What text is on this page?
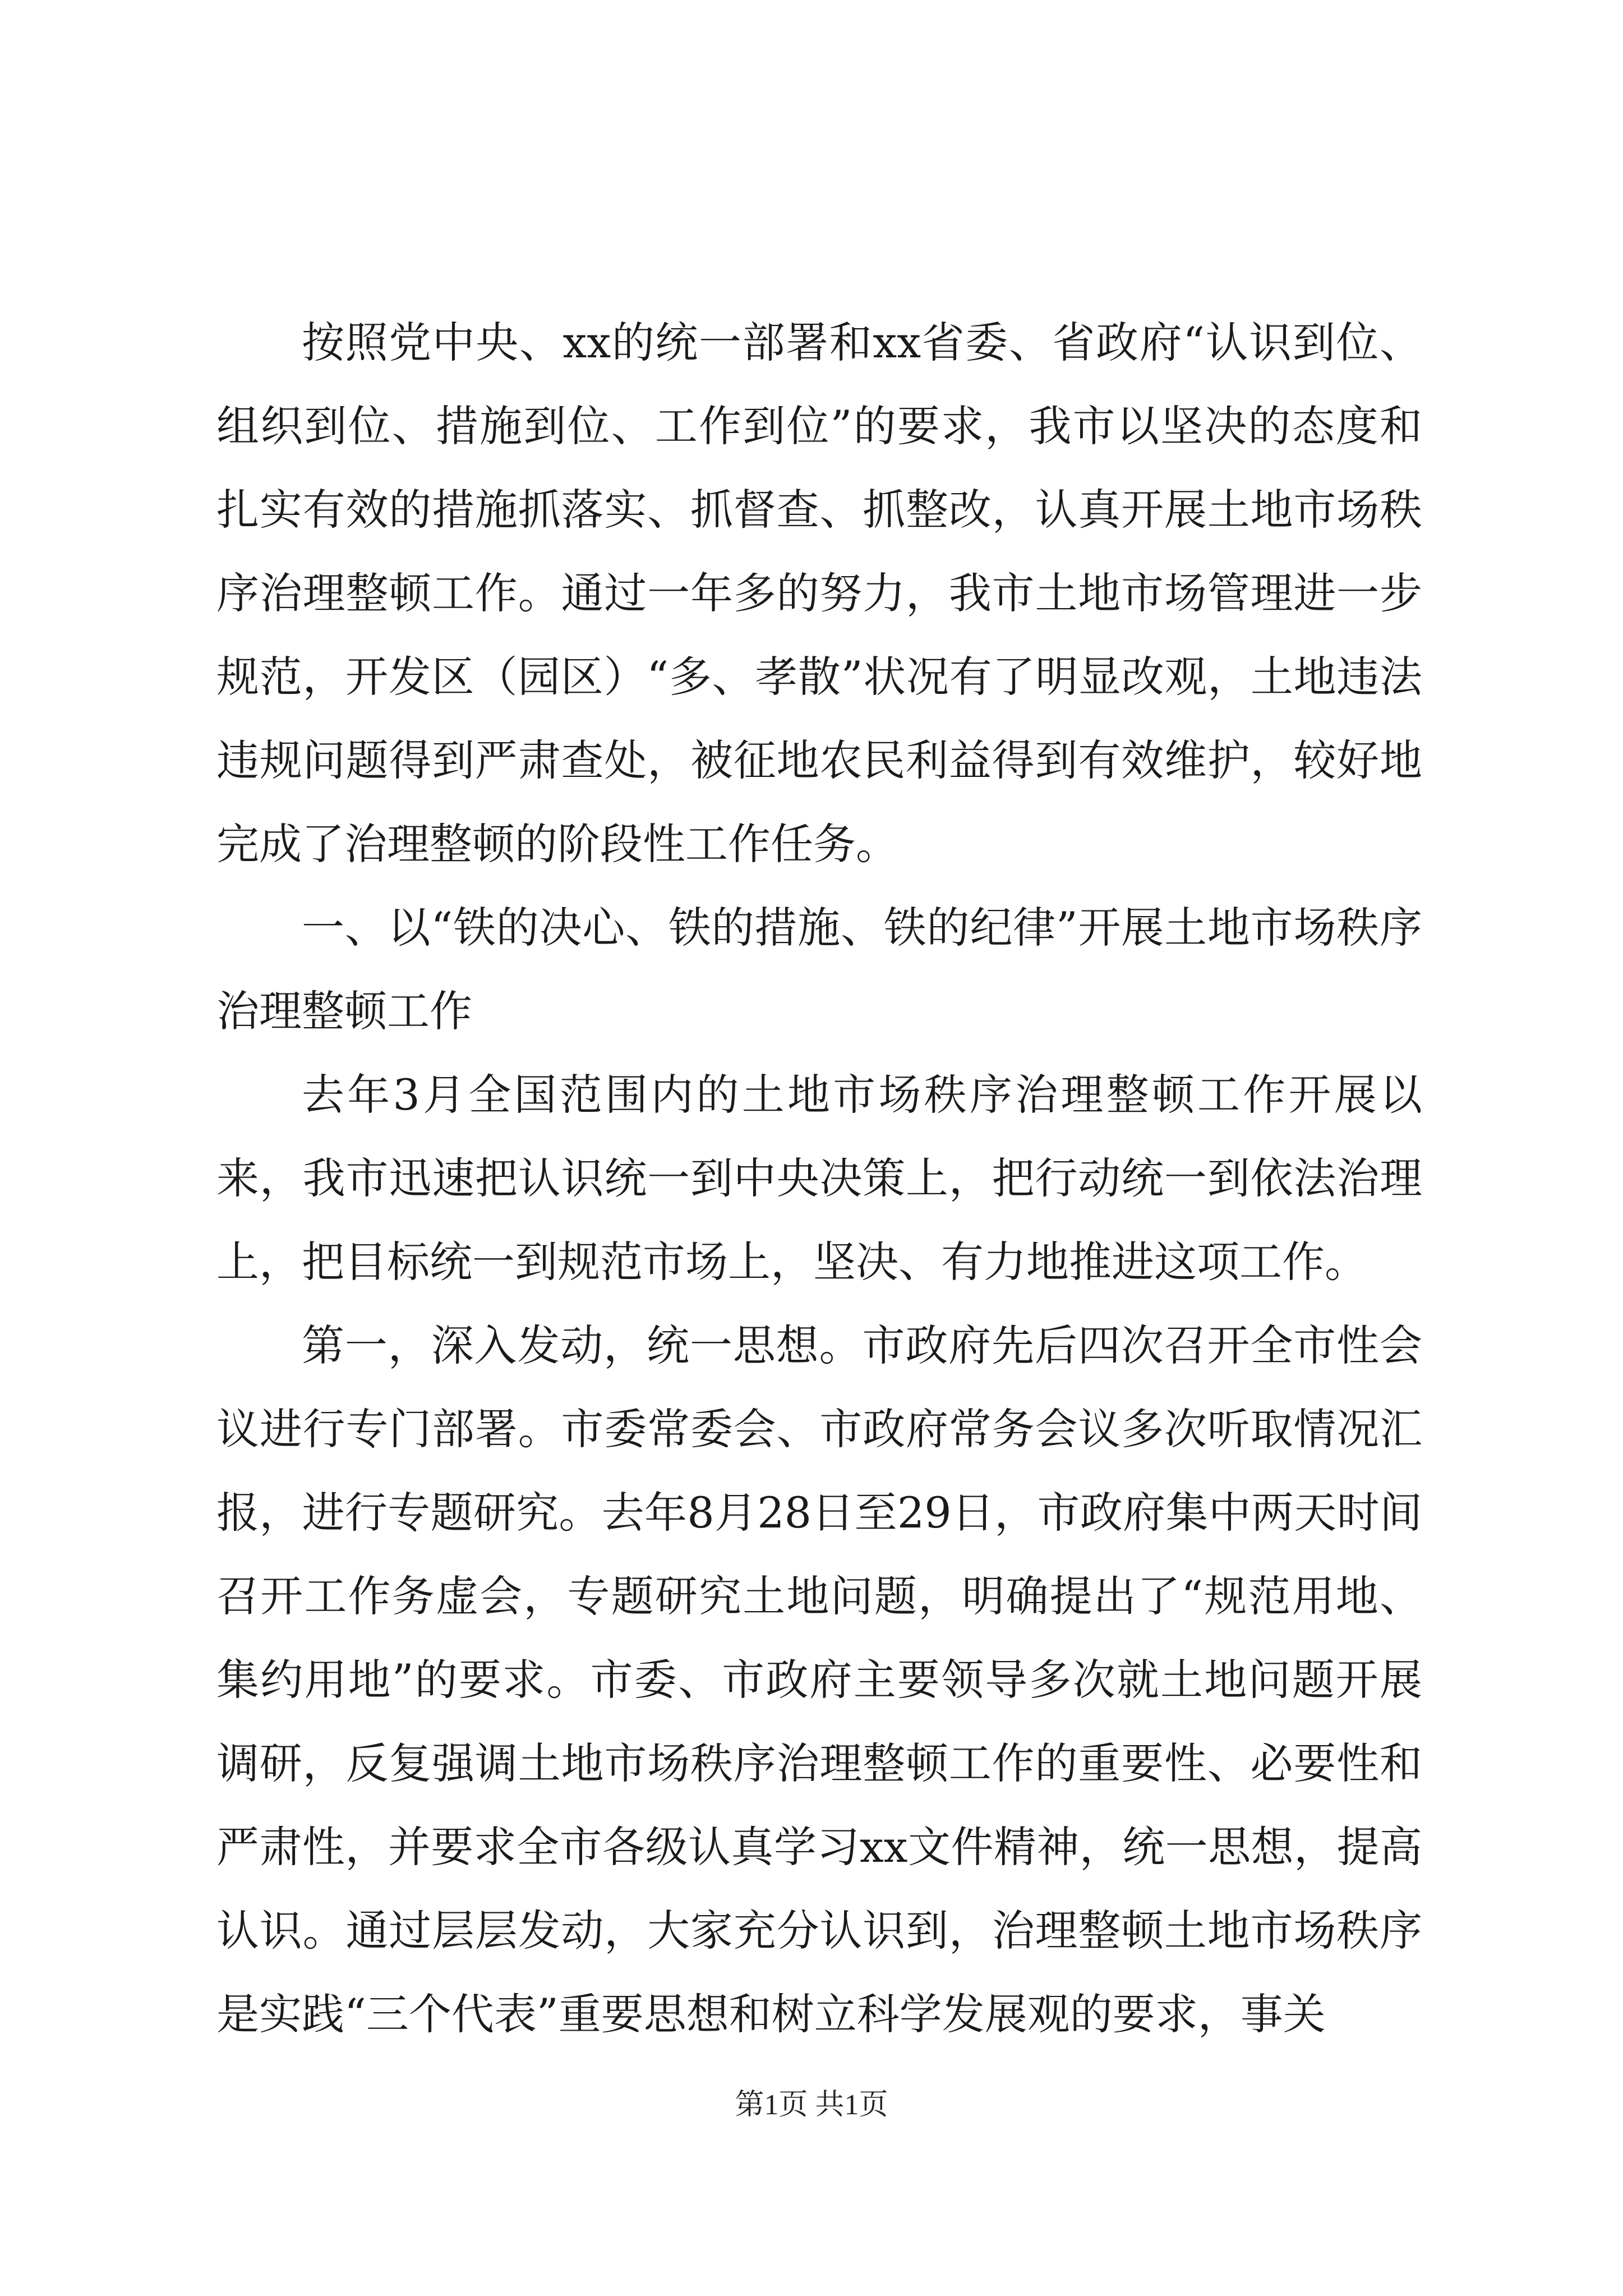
按照党中央、xx的统一部署和xx省委、省政府“认识到位、组织到位、措施到位、工作到位”的要求，我市以坚决的态度和扎实有效的措施抓落实、抓督查、抓整改，认真开展土地市场秩序治理整顿工作。通过一年多的努力，我市土地市场管理进一步规范，开发区（园区）“多、孝散”状况有了明显改观，土地违法违规问题得到严肃查处，被征地农民利益得到有效维护，较好地完成了治理整顿的阶段性工作任务。

一、以“铁的决心、铁的措施、铁的纪律”开展土地市场秩序治理整顿工作

去年3月全国范围内的土地市场秩序治理整顿工作开展以来，我市迅速把认识统一到中央决策上，把行动统一到依法治理上，把目标统一到规范市场上，坚决、有力地推进这项工作。

第一，深入发动，统一思想。市政府先后四次召开全市性会议进行专门部署。市委常委会、市政府常务会议多次听取情况汇报，进行专题研究。去年8月28日至29日，市政府集中两天时间召开工作务虚会，专题研究土地问题，明确提出了“规范用地、集约用地”的要求。市委、市政府主要领导多次就土地问题开展调研，反复强调土地市场秩序治理整顿工作的重要性、必要性和严肃性，并要求全市各级认真学习xx文件精神，统一思想，提高认识。通过层层发动，大家充分认识到，治理整顿土地市场秩序是实践“三个代表”重要思想和树立科学发展观的要求，事关

第1页 共1页
